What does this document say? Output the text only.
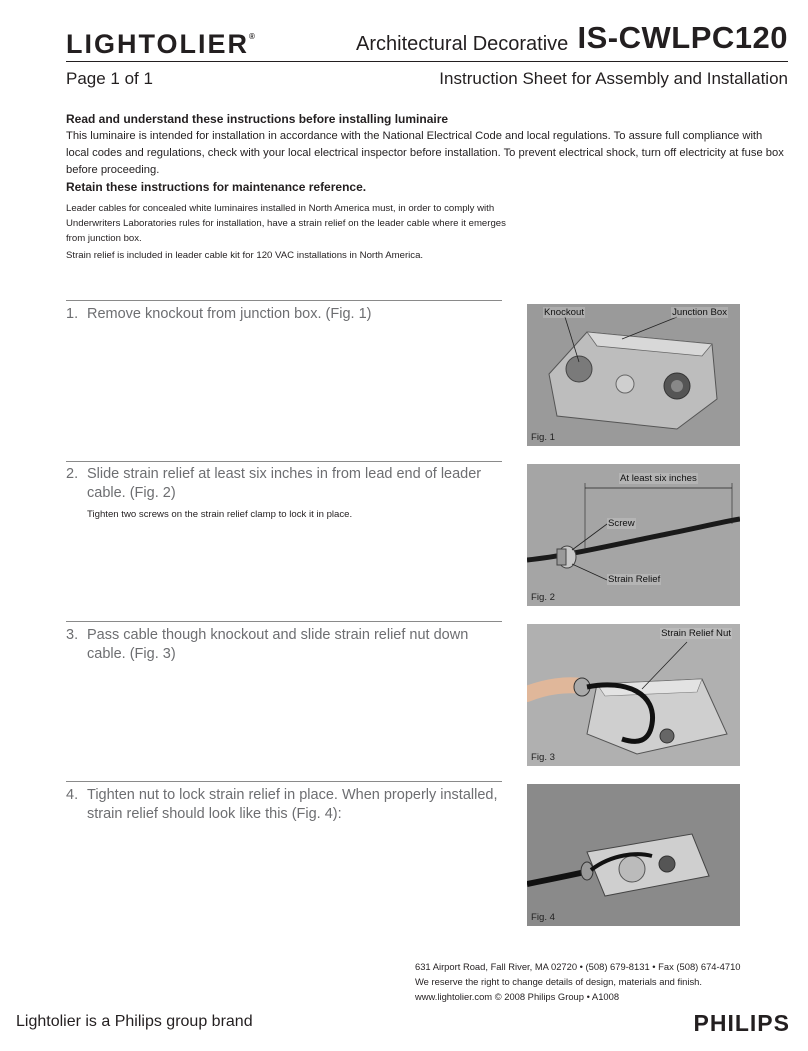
LIGHTOLIER®	Architectural Decorative IS-CWLPC120
Page 1 of 1	Instruction Sheet for Assembly and Installation
Read and understand these instructions before installing luminaire
This luminaire is intended for installation in accordance with the National Electrical Code and local regulations. To assure full compliance with local codes and regulations, check with your local electrical inspector before installation. To prevent electrical shock, turn off electricity at fuse box before proceeding.
Retain these instructions for maintenance reference.
Leader cables for concealed white luminaires installed in North America must, in order to comply with Underwriters Laboratories rules for installation, have a strain relief on the leader cable where it emerges from junction box.
Strain relief is included in leader cable kit for 120 VAC installations in North America.
1. Remove knockout from junction box. (Fig. 1)
2. Slide strain relief at least six inches in from lead end of leader cable. (Fig. 2)
Tighten two screws on the strain relief clamp to lock it in place.
3. Pass cable though knockout and slide strain relief nut down cable. (Fig. 3)
4. Tighten nut to lock strain relief in place. When properly installed, strain relief should look like this (Fig. 4):
Knockout	Junction Box
Fig. 1
At least six inches
Screw
Strain Relief
Fig. 2
Strain Relief Nut
Fig. 3
Fig. 4
631 Airport Road, Fall River, MA 02720 • (508) 679-8131 • Fax (508) 674-4710
We reserve the right to change details of design, materials and finish.
www.lightolier.com © 2008 Philips Group • A1008
Lightolier is a Philips group brand	PHILIPS
